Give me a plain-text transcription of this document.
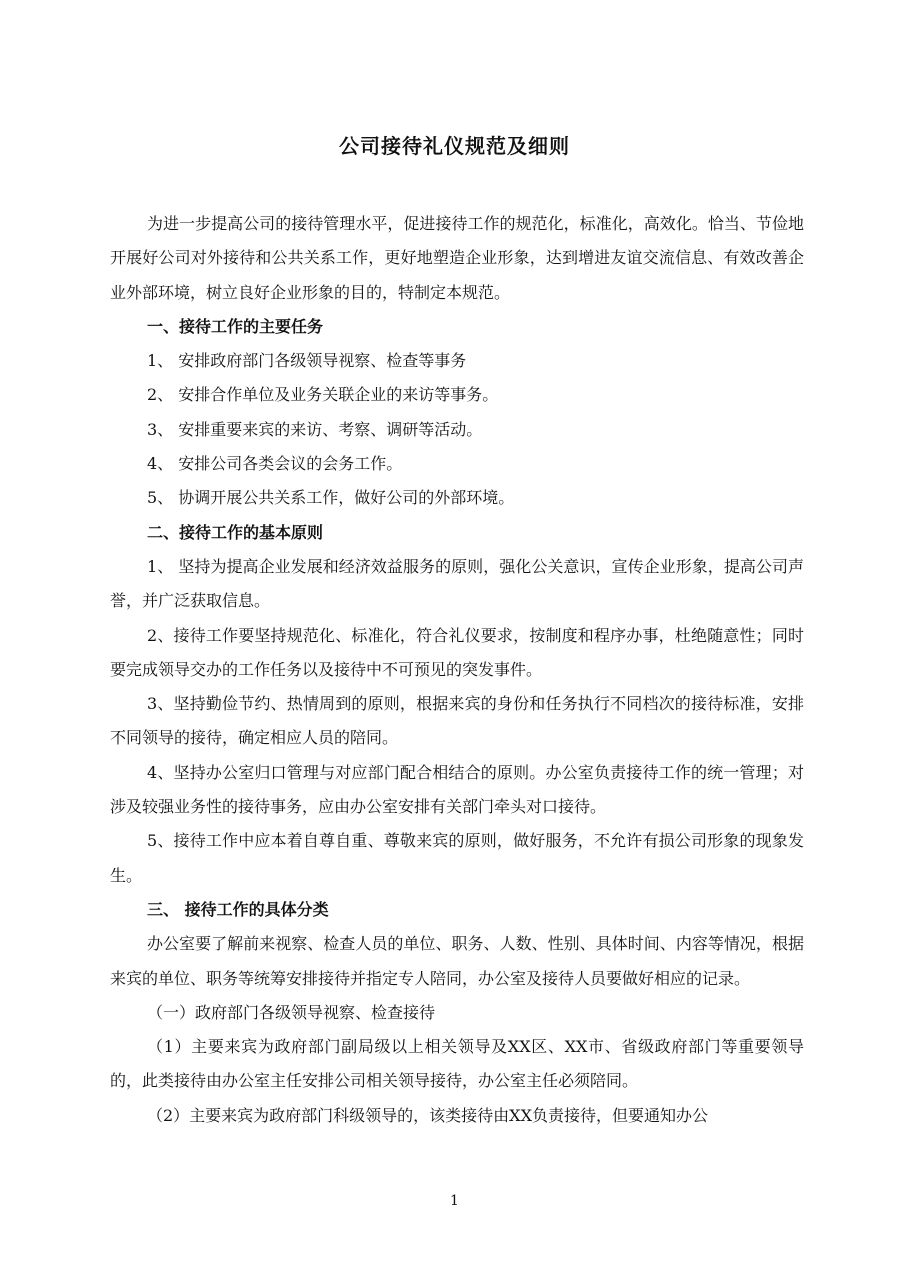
公司接待礼仪规范及细则

为进一步提高公司的接待管理水平，促进接待工作的规范化，标准化，高效化。恰当、节俭地开展好公司对外接待和公共关系工作，更好地塑造企业形象，达到增进友谊交流信息、有效改善企业外部环境，树立良好企业形象的目的，特制定本规范。

一、接待工作的主要任务

1、 安排政府部门各级领导视察、检查等事务

2、 安排合作单位及业务关联企业的来访等事务。

3、 安排重要来宾的来访、考察、调研等活动。

4、 安排公司各类会议的会务工作。

5、 协调开展公共关系工作，做好公司的外部环境。

二、接待工作的基本原则

1、 坚持为提高企业发展和经济效益服务的原则，强化公关意识，宣传企业形象，提高公司声誉，并广泛获取信息。

2、接待工作要坚持规范化、标准化，符合礼仪要求，按制度和程序办事，杜绝随意性；同时要完成领导交办的工作任务以及接待中不可预见的突发事件。

3、坚持勤俭节约、热情周到的原则，根据来宾的身份和任务执行不同档次的接待标准，安排不同领导的接待，确定相应人员的陪同。

4、坚持办公室归口管理与对应部门配合相结合的原则。办公室负责接待工作的统一管理；对涉及较强业务性的接待事务，应由办公室安排有关部门牵头对口接待。

5、接待工作中应本着自尊自重、尊敬来宾的原则，做好服务，不允许有损公司形象的现象发生。

三、 接待工作的具体分类

办公室要了解前来视察、检查人员的单位、职务、人数、性别、具体时间、内容等情况，根据来宾的单位、职务等统筹安排接待并指定专人陪同，办公室及接待人员要做好相应的记录。

（一）政府部门各级领导视察、检查接待

（1）主要来宾为政府部门副局级以上相关领导及XX区、XX市、省级政府部门等重要领导的，此类接待由办公室主任安排公司相关领导接待，办公室主任必须陪同。

（2）主要来宾为政府部门科级领导的，该类接待由XX负责接待，但要通知办公

1
